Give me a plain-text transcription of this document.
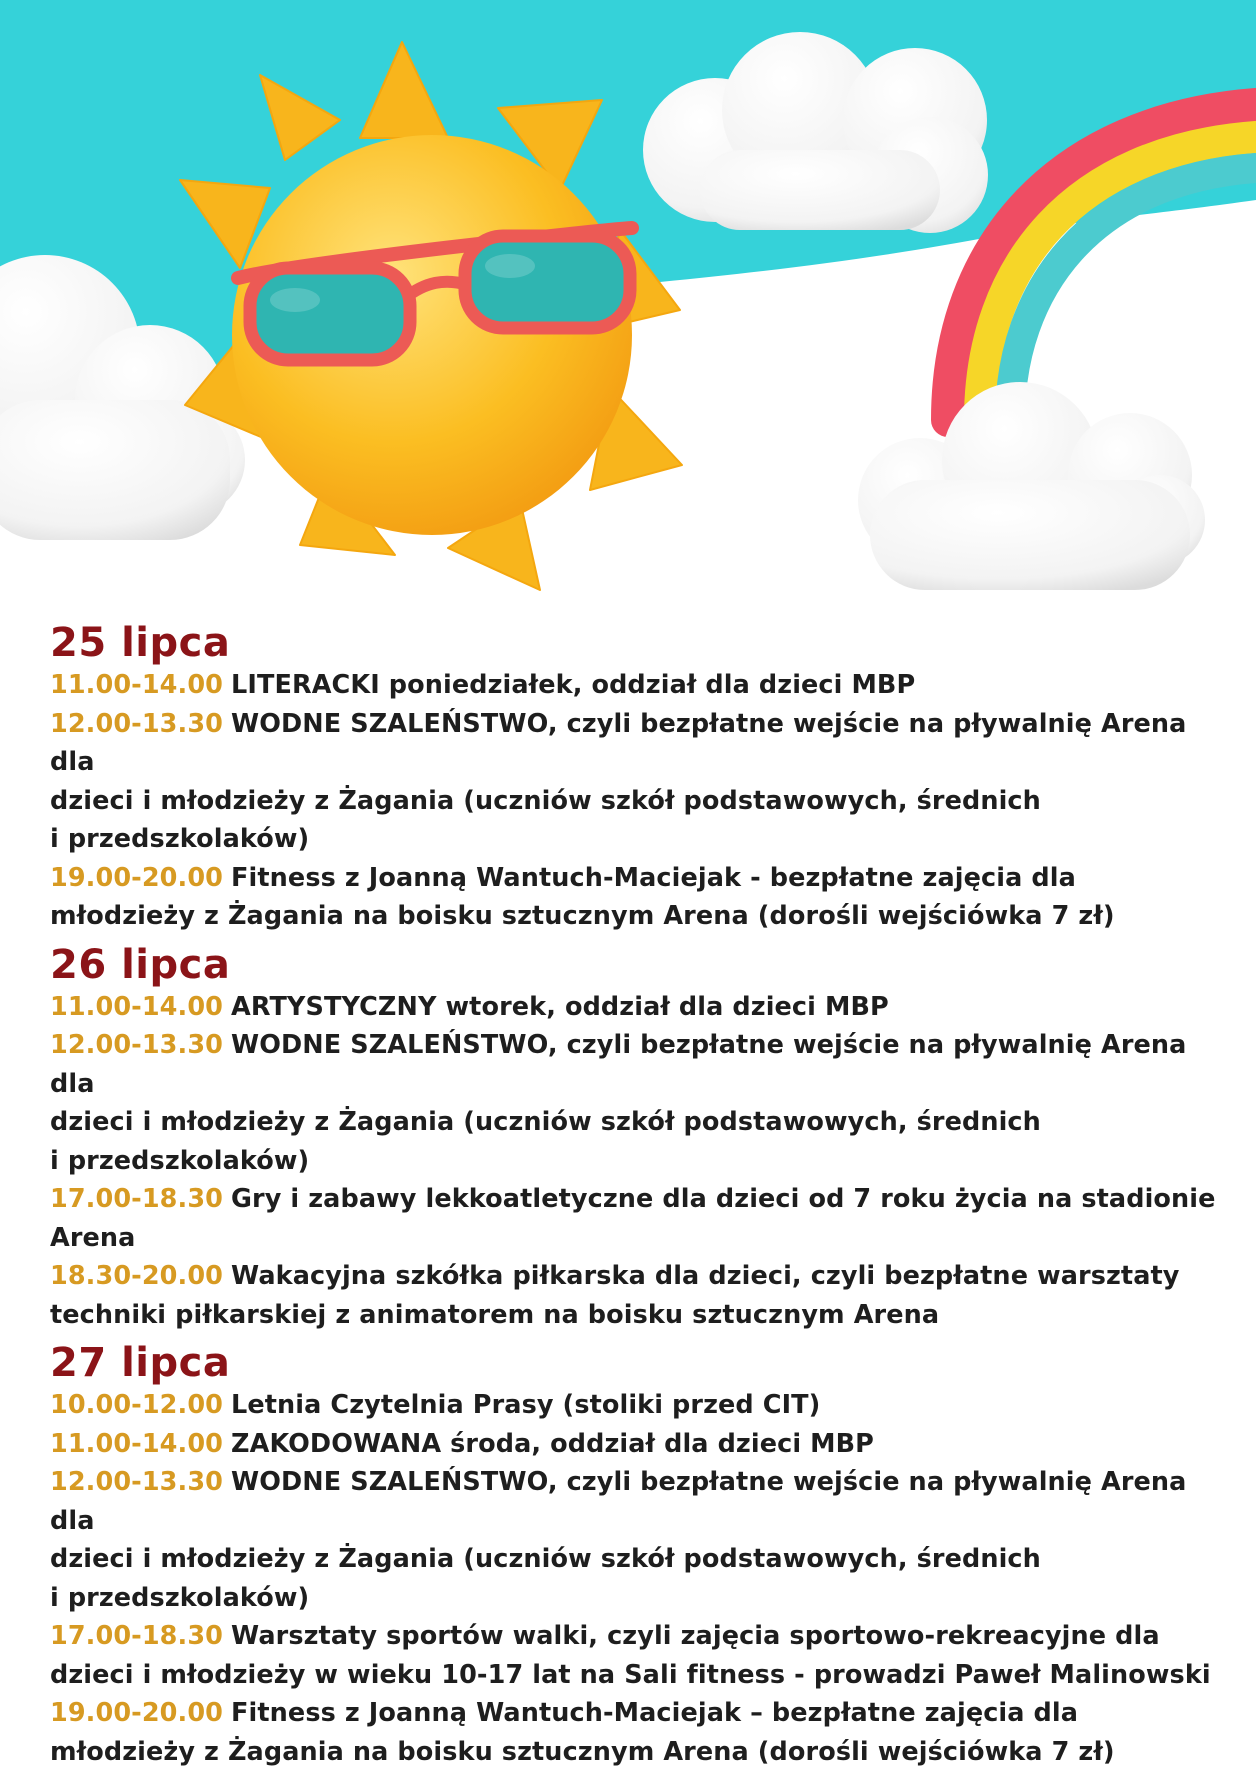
25 lipca

11.00-14.00 LITERACKI poniedziałek, oddział dla dzieci MBP

12.00-13.30 WODNE SZALEŃSTWO, czyli bezpłatne wejście na pływalnię Arena dla
dzieci i młodzieży z Żagania (uczniów szkół podstawowych, średnich
i przedszkolaków)

19.00-20.00 Fitness z Joanną Wantuch-Maciejak - bezpłatne zajęcia dla
młodzieży z Żagania na boisku sztucznym Arena (dorośli wejściówka 7 zł)

26 lipca

11.00-14.00 ARTYSTYCZNY wtorek, oddział dla dzieci MBP

12.00-13.30 WODNE SZALEŃSTWO, czyli bezpłatne wejście na pływalnię Arena dla
dzieci i młodzieży z Żagania (uczniów szkół podstawowych, średnich
i przedszkolaków)

17.00-18.30 Gry i zabawy lekkoatletyczne dla dzieci od 7 roku życia na stadionie
Arena

18.30-20.00 Wakacyjna szkółka piłkarska dla dzieci, czyli bezpłatne warsztaty
techniki piłkarskiej z animatorem na boisku sztucznym Arena

27 lipca

10.00-12.00 Letnia Czytelnia Prasy (stoliki przed CIT)

11.00-14.00 ZAKODOWANA środa, oddział dla dzieci MBP

12.00-13.30 WODNE SZALEŃSTWO, czyli bezpłatne wejście na pływalnię Arena dla
dzieci i młodzieży z Żagania (uczniów szkół podstawowych, średnich
i przedszkolaków)

17.00-18.30 Warsztaty sportów walki, czyli zajęcia sportowo-rekreacyjne dla
dzieci i młodzieży w wieku 10-17 lat na Sali fitness - prowadzi Paweł Malinowski

19.00-20.00 Fitness z Joanną Wantuch-Maciejak – bezpłatne zajęcia dla
młodzieży z Żagania na boisku sztucznym Arena (dorośli wejściówka 7 zł)
